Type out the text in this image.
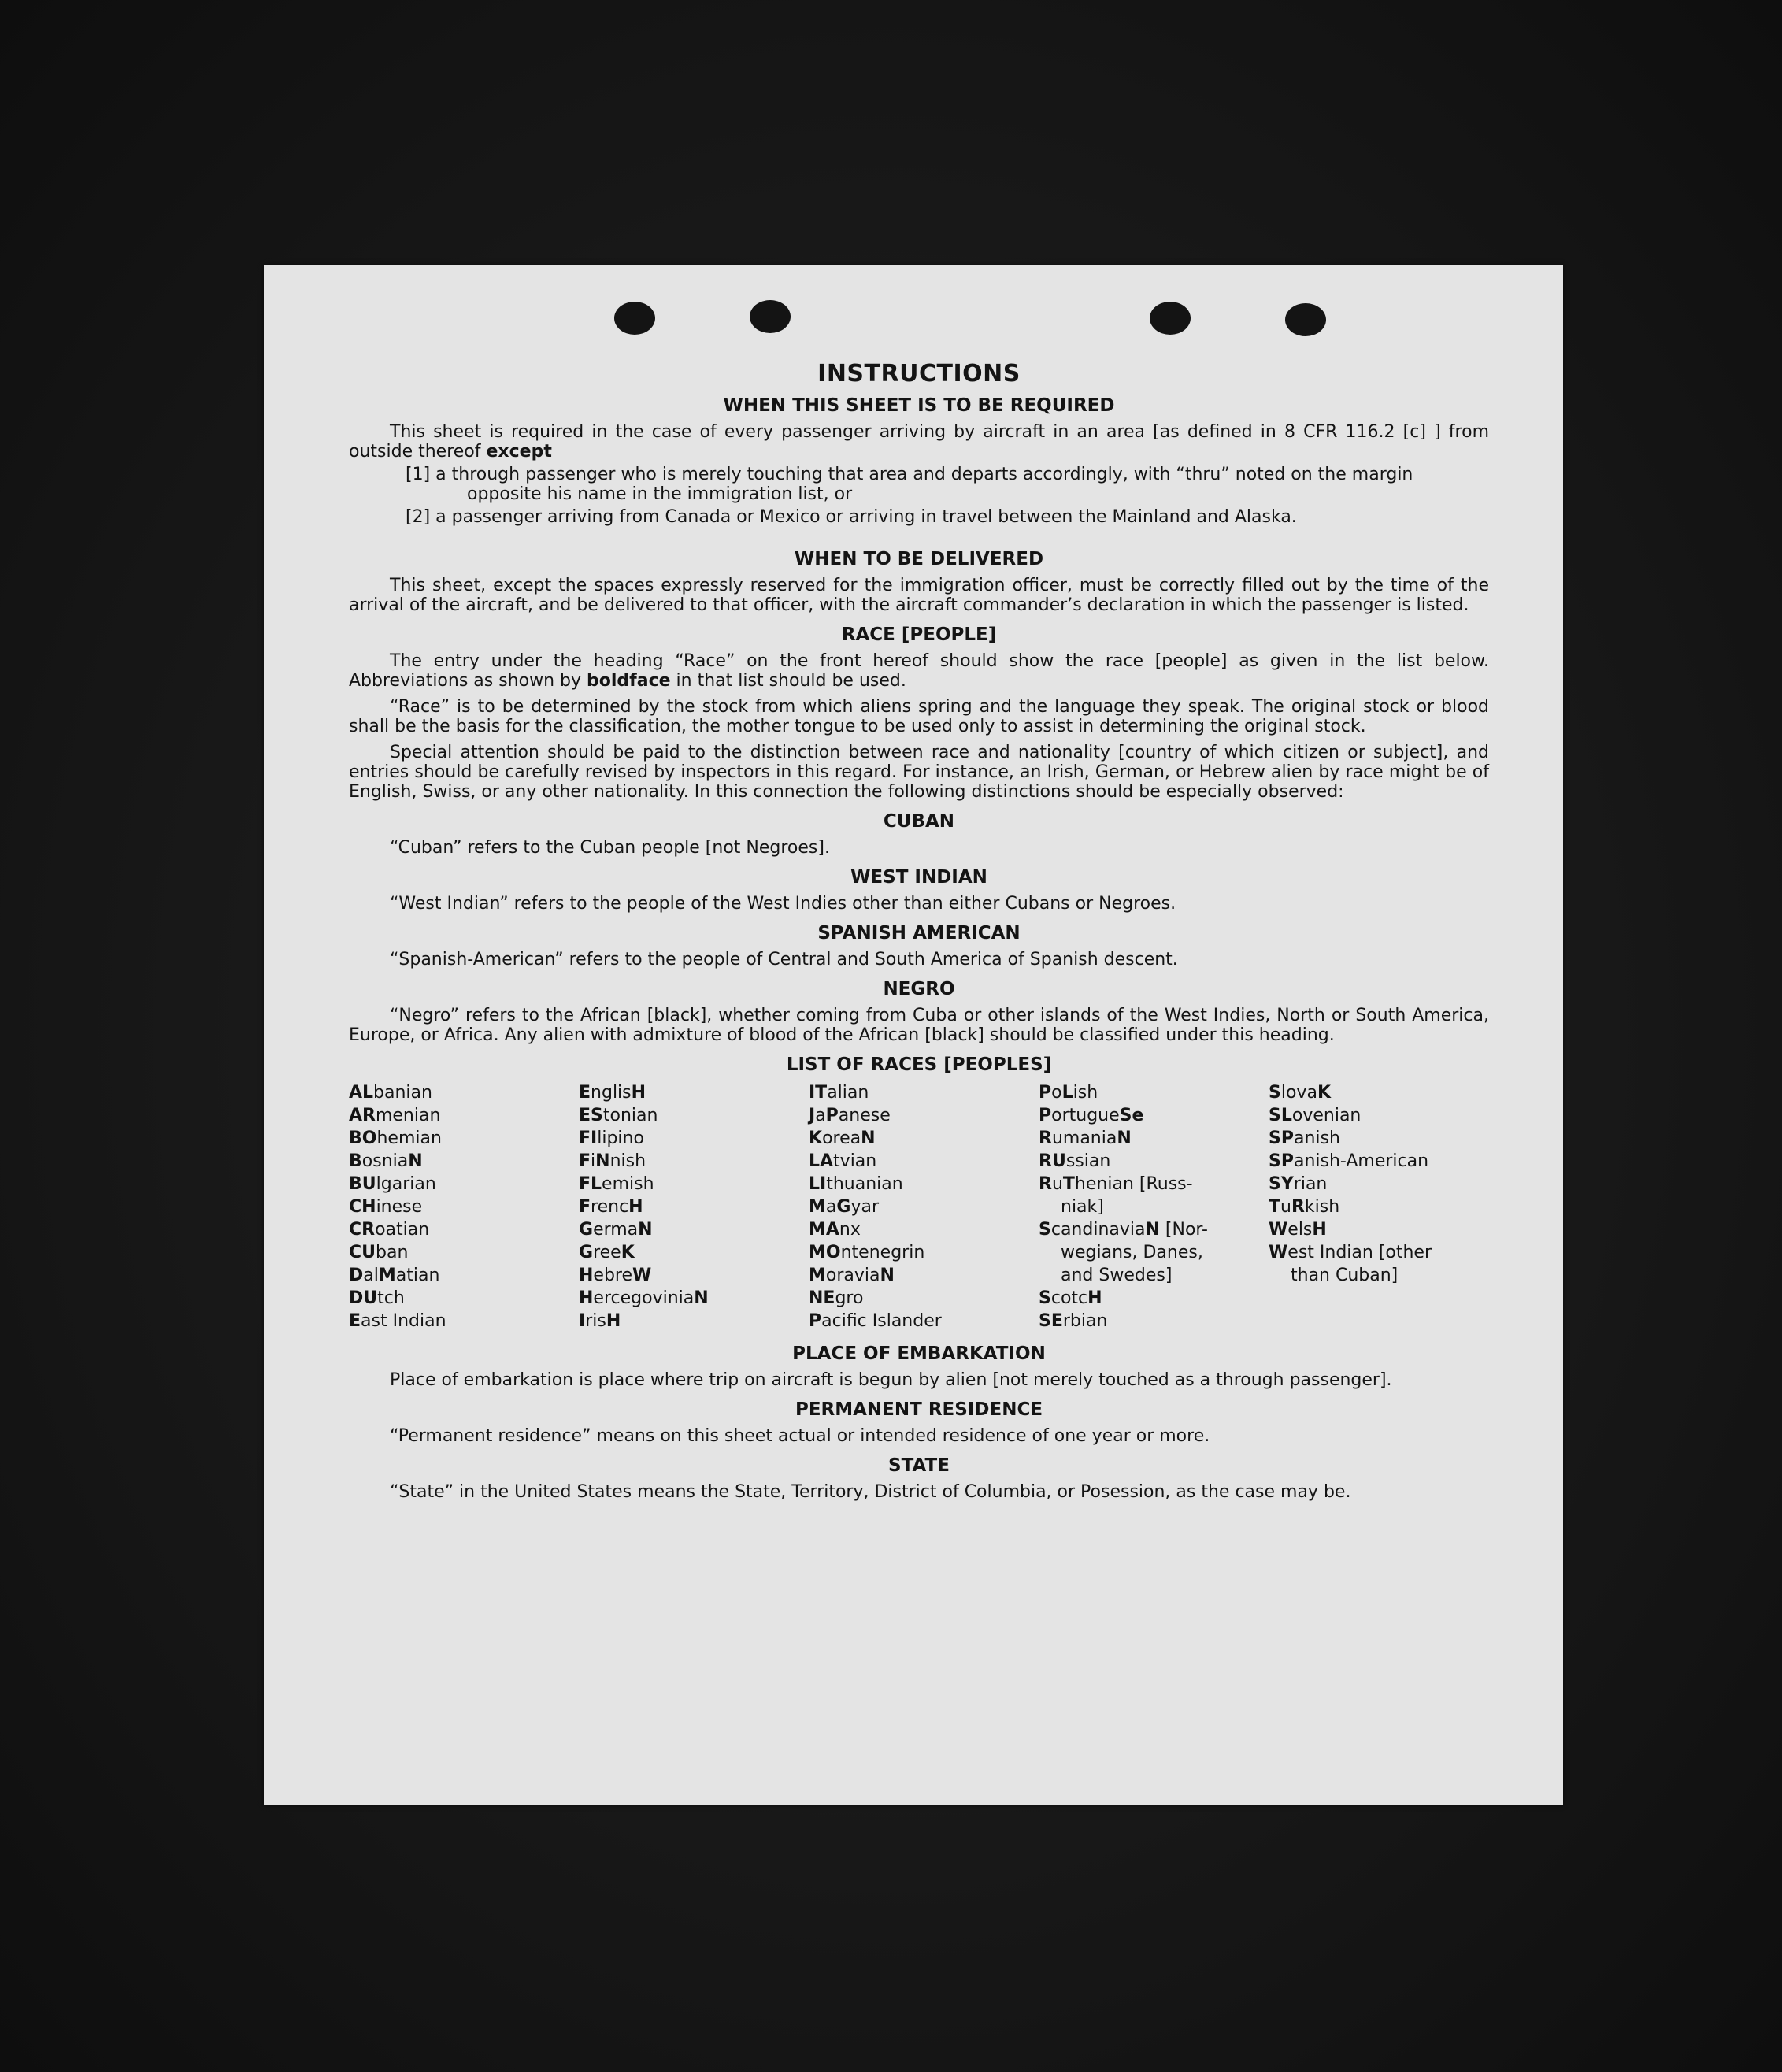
INSTRUCTIONS
WHEN THIS SHEET IS TO BE REQUIRED

This sheet is required in the case of every passenger arriving by aircraft in an area [as defined in 8 CFR 116.2 [c] ] from outside thereof except

[1] a through passenger who is merely touching that area and departs accordingly, with “thru” noted on the margin opposite his name in the immigration list, or

[2] a passenger arriving from Canada or Mexico or arriving in travel between the Mainland and Alaska.

WHEN TO BE DELIVERED

This sheet, except the spaces expressly reserved for the immigration officer, must be correctly filled out by the time of the arrival of the aircraft, and be delivered to that officer, with the aircraft commander’s declaration in which the passenger is listed.

RACE [PEOPLE]

The entry under the heading “Race” on the front hereof should show the race [people] as given in the list below. Abbreviations as shown by boldface in that list should be used.

“Race” is to be determined by the stock from which aliens spring and the language they speak. The original stock or blood shall be the basis for the classification, the mother tongue to be used only to assist in determining the original stock.

Special attention should be paid to the distinction between race and nationality [country of which citizen or subject], and entries should be carefully revised by inspectors in this regard. For instance, an Irish, German, or Hebrew alien by race might be of English, Swiss, or any other nationality. In this connection the following distinctions should be especially observed:

CUBAN

“Cuban” refers to the Cuban people [not Negroes].

WEST INDIAN

“West Indian” refers to the people of the West Indies other than either Cubans or Negroes.

SPANISH AMERICAN

“Spanish-American” refers to the people of Central and South America of Spanish descent.

NEGRO

“Negro” refers to the African [black], whether coming from Cuba or other islands of the West Indies, North or South America, Europe, or Africa. Any alien with admixture of blood of the African [black] should be classified under this heading.

LIST OF RACES [PEOPLES]
ALbanian
ARmenian
BOhemian
BosniaN
BUlgarian
CHinese
CRoatian
CUban
DalMatian
DUtch
East Indian
EnglisH
EStonian
FIlipino
FiNnish
FLemish
FrencH
GermaN
GreeK
HebreW
HercegoviniaN
IrisH
ITalian
JaPanese
KoreaN
LAtvian
LIthuanian
MaGyar
MAnx
MOntenegrin
MoraviaN
NEgro
Pacific Islander
PoLish
PortugueSe
RumaniaN
RUssian
RuThenian [Russ-
niak]
ScandinaviaN [Nor-
wegians, Danes,
and Swedes]
ScotcH
SErbian
SlovaK
SLovenian
SPanish
SPanish-American
SYrian
TuRkish
WelsH
West Indian [other
than Cuban]
PLACE OF EMBARKATION

Place of embarkation is place where trip on aircraft is begun by alien [not merely touched as a through passenger].

PERMANENT RESIDENCE

“Permanent residence” means on this sheet actual or intended residence of one year or more.

STATE

“State” in the United States means the State, Territory, District of Columbia, or Posession, as the case may be.
